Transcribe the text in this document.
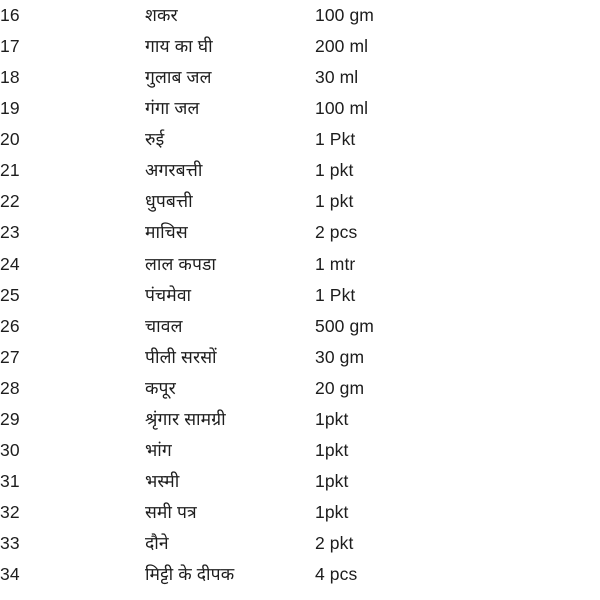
16	शकर	100 gm
17	गाय का घी	200 ml
18	गुलाब जल	30 ml
19	गंगा जल	100 ml
20	रुई	1 Pkt
21	अगरबत्ती	1 pkt
22	धुपबत्ती	1 pkt
23	माचिस	2 pcs
24	लाल कपडा	1 mtr
25	पंचमेवा	1 Pkt
26	चावल	500 gm
27	पीली सरसों	30 gm
28	कपूर	20 gm
29	श्रृंगार सामग्री	1pkt
30	भांग	1pkt
31	भस्मी	1pkt
32	समी पत्र	1pkt
33	दौने	2 pkt
34	मिट्टी के दीपक	4 pcs
